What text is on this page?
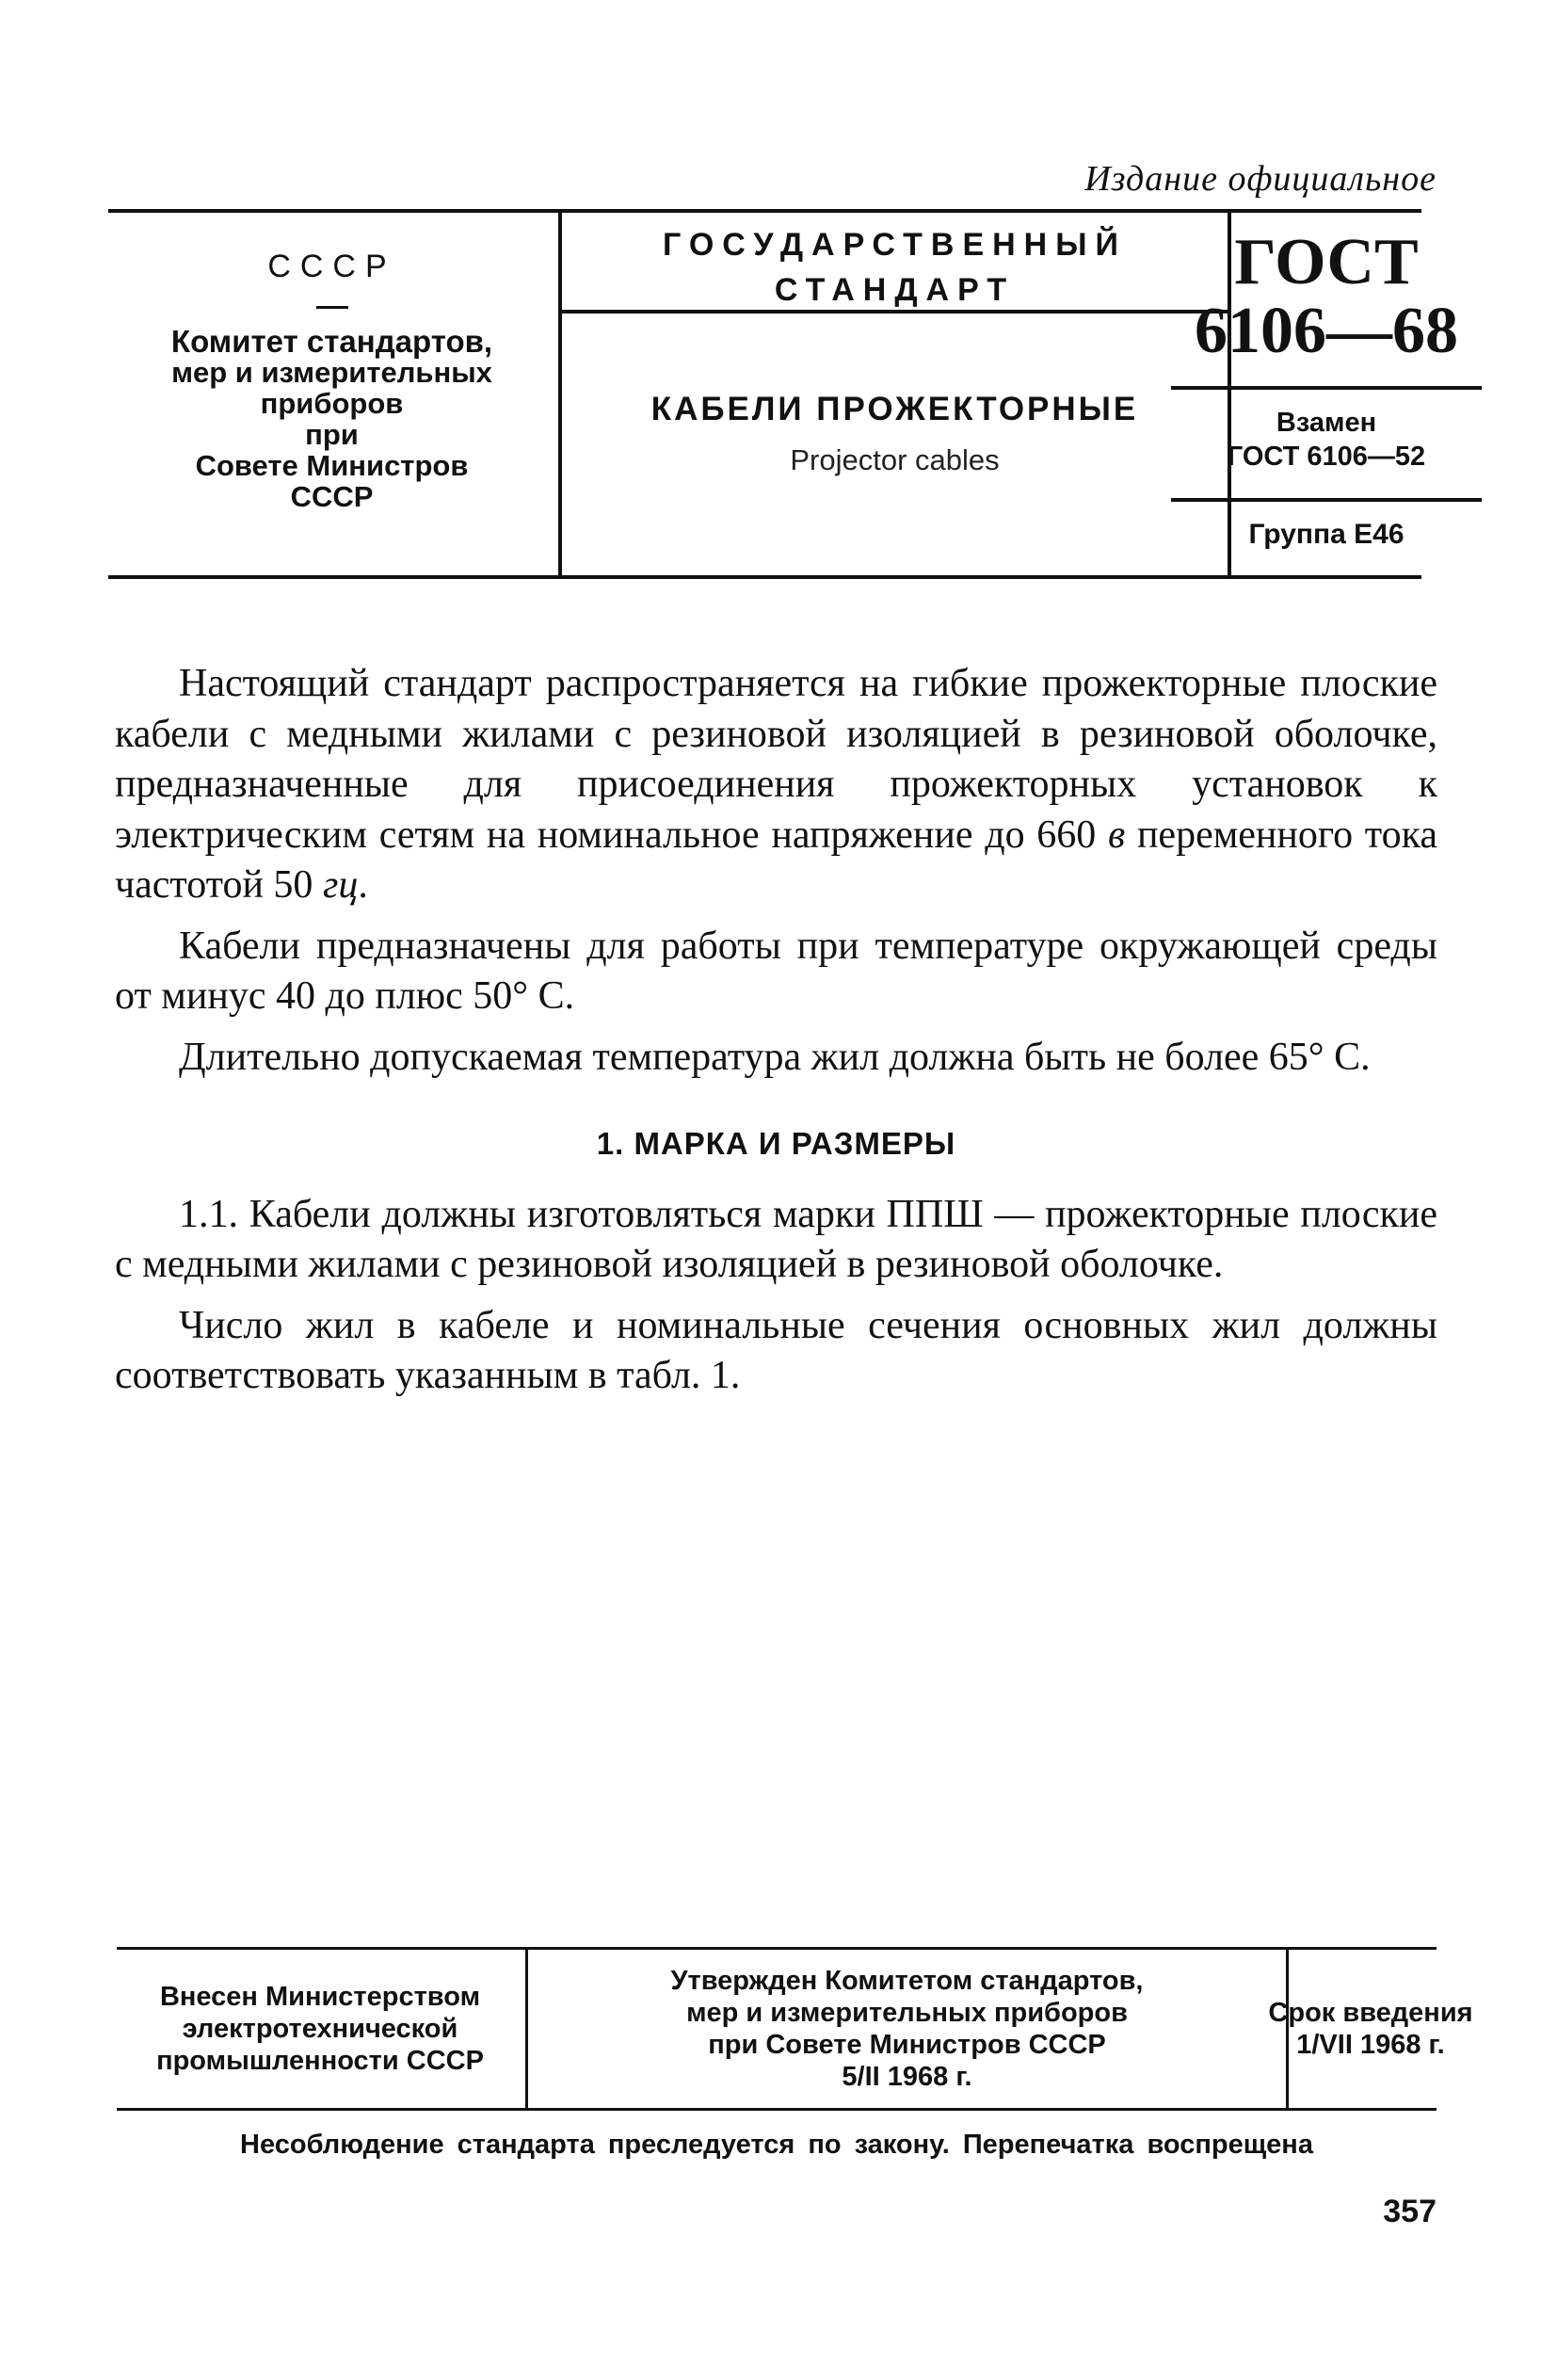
Издание официальное
СССР
Комитет стандартов,
мер и измерительных
приборов
при
Совете Министров
СССР
ГОСУДАРСТВЕННЫЙ
СТАНДАРТ
КАБЕЛИ ПРОЖЕКТОРНЫЕ
Projector cables
ГОСТ
6106—68
Взамен
ГОСТ 6106—52
Группа Е46

Настоящий стандарт распространяется на гибкие прожекторные плоские кабели с медными жилами с резиновой изоляцией в резиновой оболочке, предназначенные для присоединения прожекторных установок к электрическим сетям на номинальное напряжение до 660 в переменного тока частотой 50 гц.

Кабели предназначены для работы при температуре окружающей среды от минус 40 до плюс 50° С.

Длительно допускаемая температура жил должна быть не более 65° С.

1. МАРКА И РАЗМЕРЫ

1.1. Кабели должны изготовляться марки ППШ — прожекторные плоские с медными жилами с резиновой изоляцией в резиновой оболочке.

Число жил в кабеле и номинальные сечения основных жил должны соответствовать указанным в табл. 1.

Внесен Министерством
электротехнической
промышленности СССР
Утвержден Комитетом стандартов,
мер и измерительных приборов
при Совете Министров СССР
5/II 1968 г.
Срок введения
1/VII 1968 г.
Несоблюдение стандарта преследуется по закону. Перепечатка воспрещена
357
